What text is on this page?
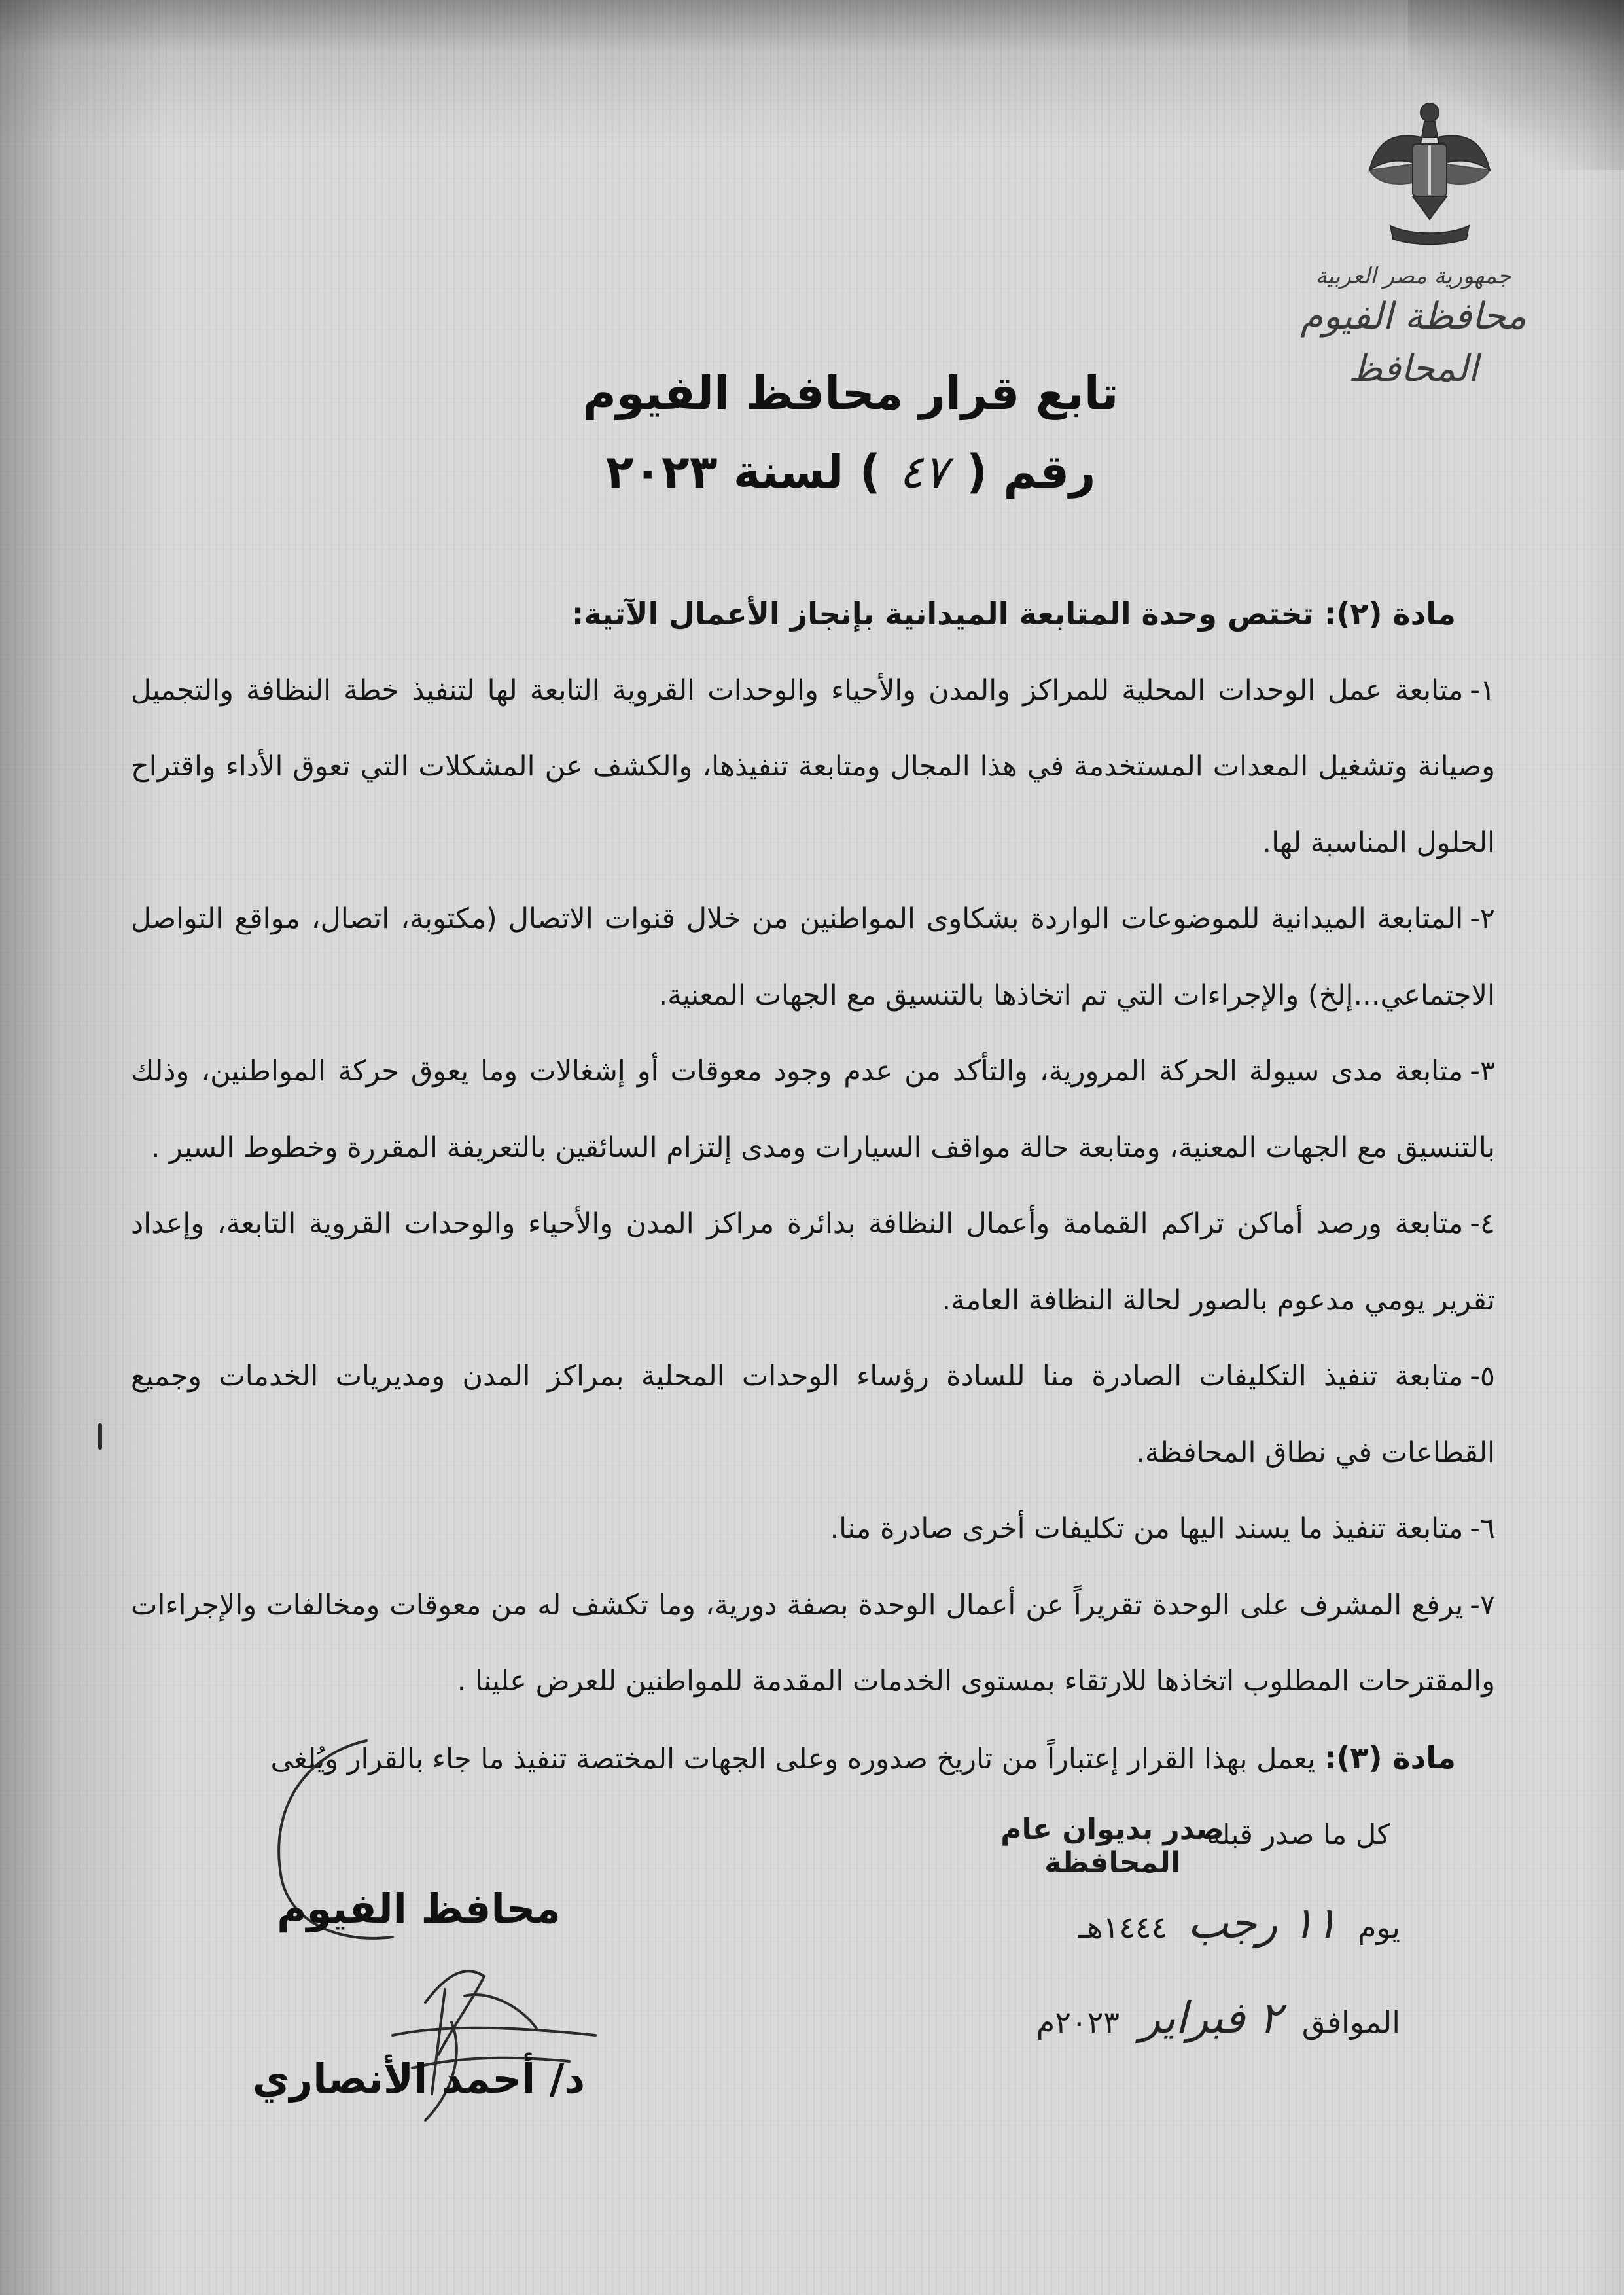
جمهورية مصر العربية
محافظة الفيوم
المحافظ
تابع قرار محافظ الفيوم
رقم (٤٧) لسنة ٢٠٢٣
مادة (٢): تختص وحدة المتابعة الميدانية بإنجاز الأعمال الآتية:
١-متابعة عمل الوحدات المحلية للمراكز والمدن والأحياء والوحدات القروية التابعة لها لتنفيذ خطة النظافة والتجميل وصيانة وتشغيل المعدات المستخدمة في هذا المجال ومتابعة تنفيذها، والكشف عن المشكلات التي تعوق الأداء واقتراح الحلول المناسبة لها.
٢-المتابعة الميدانية للموضوعات الواردة بشكاوى المواطنين من خلال قنوات الاتصال (مكتوبة، اتصال، مواقع التواصل الاجتماعي...إلخ) والإجراءات التي تم اتخاذها بالتنسيق مع الجهات المعنية.
٣-متابعة مدى سيولة الحركة المرورية، والتأكد من عدم وجود معوقات أو إشغالات وما يعوق حركة المواطنين، وذلك بالتنسيق مع الجهات المعنية، ومتابعة حالة مواقف السيارات ومدى إلتزام السائقين بالتعريفة المقررة وخطوط السير .
٤-متابعة ورصد أماكن تراكم القمامة وأعمال النظافة بدائرة مراكز المدن والأحياء والوحدات القروية التابعة، وإعداد تقرير يومي مدعوم بالصور لحالة النظافة العامة.
٥-متابعة تنفيذ التكليفات الصادرة منا للسادة رؤساء الوحدات المحلية بمراكز المدن ومديريات الخدمات وجميع القطاعات في نطاق المحافظة.
٦-متابعة تنفيذ ما يسند اليها من تكليفات أخرى صادرة منا.
٧-يرفع المشرف على الوحدة تقريراً عن أعمال الوحدة بصفة دورية، وما تكشف له من معوقات ومخالفات والإجراءات والمقترحات المطلوب اتخاذها للارتقاء بمستوى الخدمات المقدمة للمواطنين للعرض علينا .
مادة (٣): يعمل بهذا القرار إعتباراً من تاريخ صدوره وعلى الجهات المختصة تنفيذ ما جاء بالقرار ويُلغى
كل ما صدر قبله
صدر بديوان عام المحافظة
يوم ١١ رجب ١٤٤٤هـ
الموافق ٢ فبراير ٢٠٢٣م
محافظ الفيوم
د/ أحمد الأنصاري
